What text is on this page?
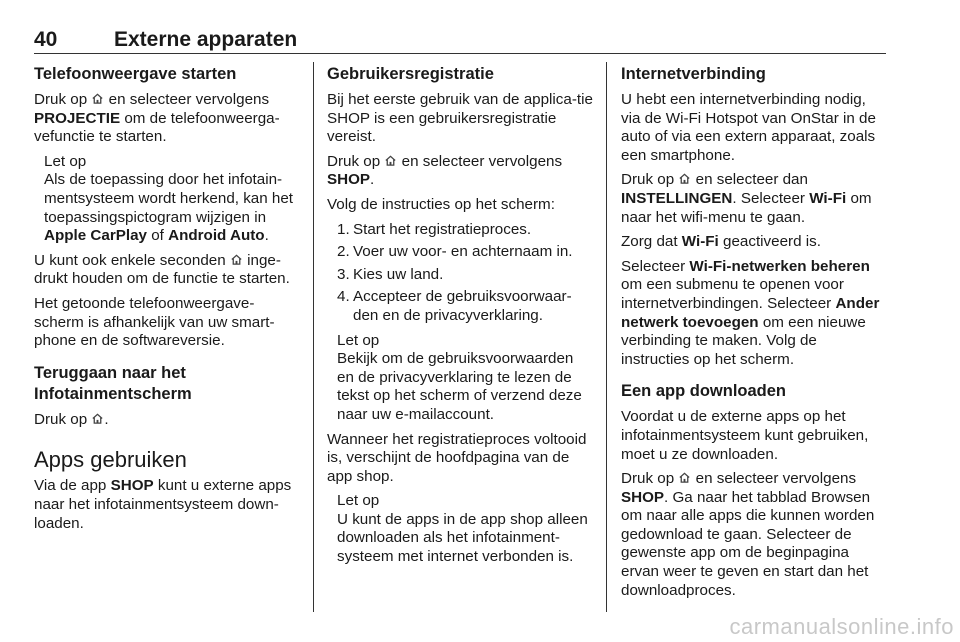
40	Externe apparaten
Telefoonweergave starten

Druk op en selecteer vervolgens PROJECTIE om de telefoonweerga-vefunctie te starten.

Let op
Als de toepassing door het infotain-mentsysteem wordt herkend, kan het toepassingspictogram wijzigen in Apple CarPlay of Android Auto.

U kunt ook enkele seconden inge-drukt houden om de functie te starten.

Het getoonde telefoonweergave-scherm is afhankelijk van uw smart-phone en de softwareversie.

Teruggaan naar het Infotainmentscherm

Druk op .

Apps gebruiken

Via de app SHOP kunt u externe apps naar het infotainmentsysteem down-loaden.

Gebruikersregistratie

Bij het eerste gebruik van de applica-tie SHOP is een gebruikersregistratie vereist.

Druk op en selecteer vervolgens SHOP.

Volg de instructies op het scherm:

1. Start het registratieproces.
2. Voer uw voor- en achternaam in.
3. Kies uw land.
4. Accepteer de gebruiksvoorwaar-den en de privacyverklaring.
Let op
Bekijk om de gebruiksvoorwaarden en de privacyverklaring te lezen de tekst op het scherm of verzend deze naar uw e-mailaccount.

Wanneer het registratieproces voltooid is, verschijnt de hoofdpagina van de app shop.

Let op
U kunt de apps in de app shop alleen downloaden als het infotainment-systeem met internet verbonden is.
Internetverbinding

U hebt een internetverbinding nodig, via de Wi-Fi Hotspot van OnStar in de auto of via een extern apparaat, zoals een smartphone.

Druk op en selecteer dan INSTELLINGEN. Selecteer Wi-Fi om naar het wifi-menu te gaan.

Zorg dat Wi-Fi geactiveerd is.

Selecteer Wi-Fi-netwerken beheren om een submenu te openen voor internetverbindingen. Selecteer Ander netwerk toevoegen om een nieuwe verbinding te maken. Volg de instructies op het scherm.

Een app downloaden

Voordat u de externe apps op het infotainmentsysteem kunt gebruiken, moet u ze downloaden.

Druk op en selecteer vervolgens SHOP. Ga naar het tabblad Browsen om naar alle apps die kunnen worden gedownload te gaan. Selecteer de gewenste app om de beginpagina ervan weer te geven en start dan het downloadproces.

carmanualsonline.info
